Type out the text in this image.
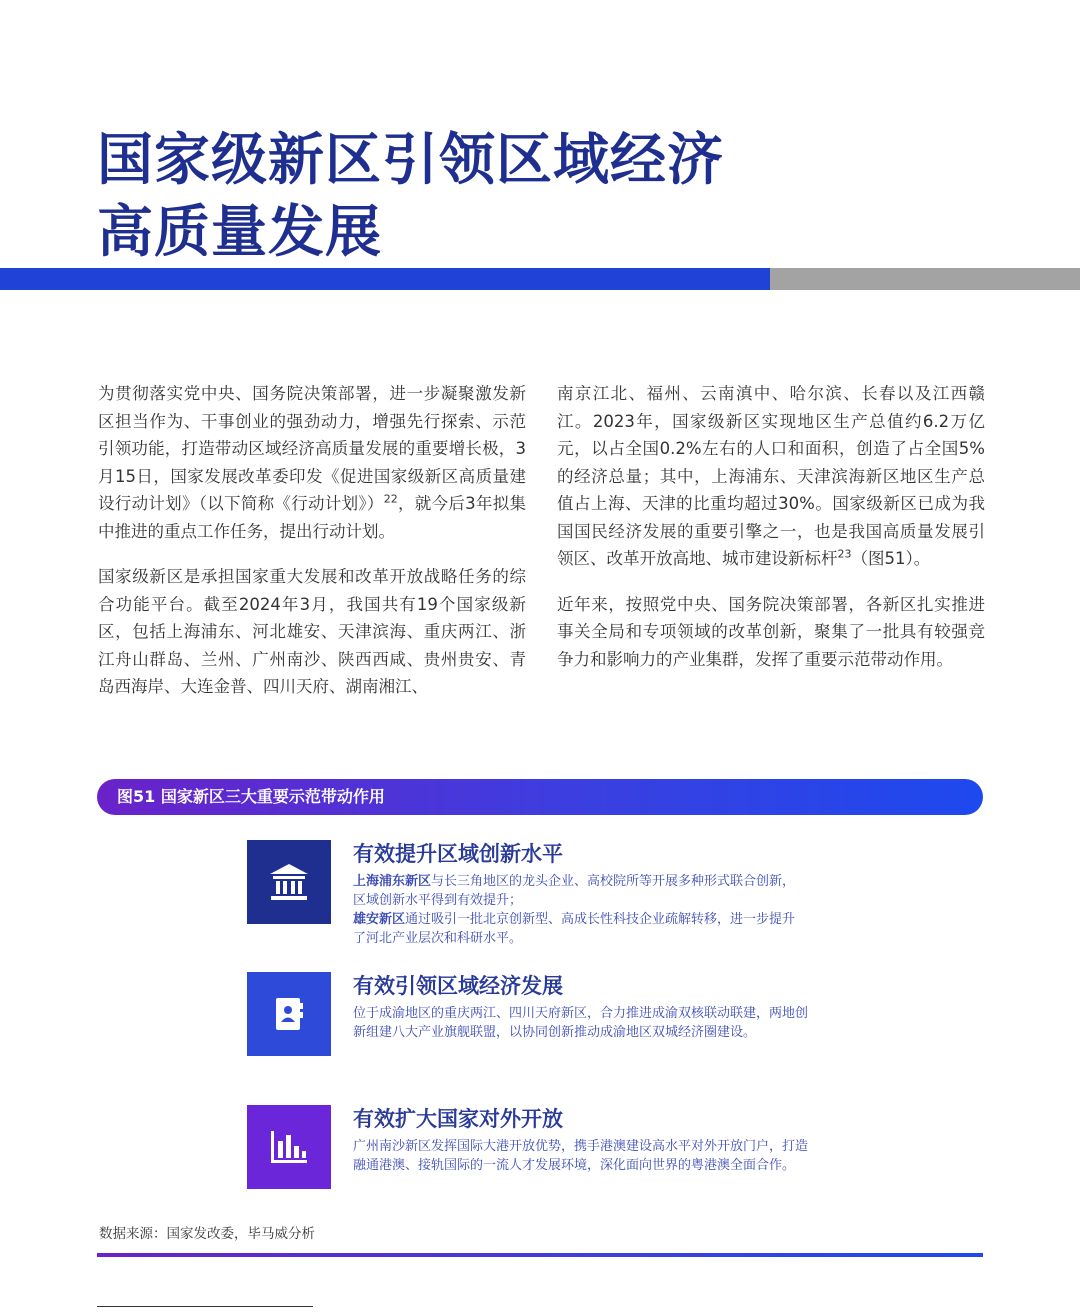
国家级新区引领区域经济
高质量发展

为贯彻落实党中央、国务院决策部署，进一步凝聚激发新区担当作为、干事创业的强劲动力，增强先行探索、示范引领功能，打造带动区域经济高质量发展的重要增长极，3月15日，国家发展改革委印发《促进国家级新区高质量建设行动计划》（以下简称《行动计划》）$^{22}$，就今后3年拟集中推进的重点工作任务，提出行动计划。

国家级新区是承担国家重大发展和改革开放战略任务的综合功能平台。截至2024年3月，我国共有19个国家级新区，包括上海浦东、河北雄安、天津滨海、重庆两江、浙江舟山群岛、兰州、广州南沙、陕西西咸、贵州贵安、青岛西海岸、大连金普、四川天府、湖南湘江、

南京江北、福州、云南滇中、哈尔滨、长春以及江西赣江。2023年，国家级新区实现地区生产总值约6.2万亿元，以占全国0.2%左右的人口和面积，创造了占全国5%的经济总量；其中，上海浦东、天津滨海新区地区生产总值占上海、天津的比重均超过30%。国家级新区已成为我国国民经济发展的重要引擎之一，也是我国高质量发展引领区、改革开放高地、城市建设新标杆$^{23}$（图51）。

近年来，按照党中央、国务院决策部署，各新区扎实推进事关全局和专项领域的改革创新，聚集了一批具有较强竞争力和影响力的产业集群，发挥了重要示范带动作用。

图51 国家新区三大重要示范带动作用
有效提升区域创新水平

上海浦东新区与长三角地区的龙头企业、高校院所等开展多种形式联合创新，区域创新水平得到有效提升；

雄安新区通过吸引一批北京创新型、高成长性科技企业疏解转移，进一步提升了河北产业层次和科研水平。

有效引领区域经济发展

位于成渝地区的重庆两江、四川天府新区，合力推进成渝双核联动联建，两地创新组建八大产业旗舰联盟，以协同创新推动成渝地区双城经济圈建设。

有效扩大国家对外开放

广州南沙新区发挥国际大港开放优势，携手港澳建设高水平对外开放门户，打造融通港澳、接轨国际的一流人才发展环境，深化面向世界的粤港澳全面合作。

数据来源：国家发改委，毕马威分析
